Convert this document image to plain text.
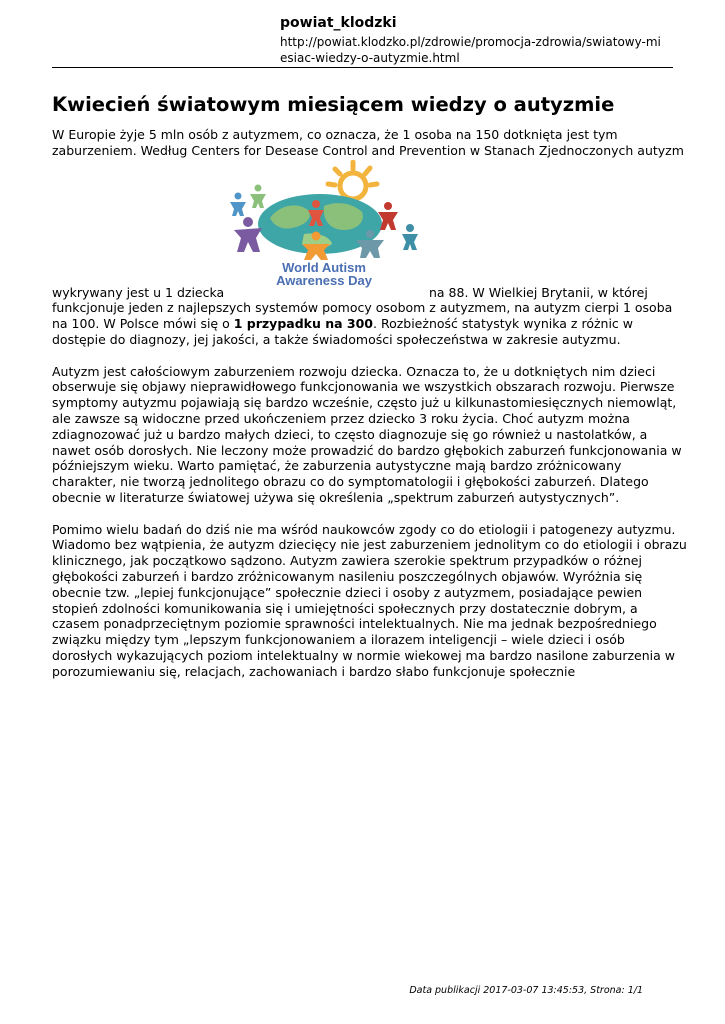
powiat_klodzki
http://powiat.klodzko.pl/zdrowie/promocja-zdrowia/swiatowy-mi
esiac-wiedzy-o-autyzmie.html
Kwiecień światowym miesiącem wiedzy o autyzmie

W Europie żyje 5 mln osób z autyzmem, co oznacza, że 1 osoba na 150 dotknięta jest tym
zaburzeniem. Według Centers for Desease Control and Prevention w Stanach Zjednoczonych autyzm
wykrywany jest u 1 dziecka	na 88. W Wielkiej Brytanii, w której
funkcjonuje jeden z najlepszych systemów pomocy osobom z autyzmem, na autyzm cierpi 1 osoba
na 100. W Polsce mówi się o 1 przypadku na 300. Rozbieżność statystyk wynika z różnic w
dostępie do diagnozy, jej jakości, a także świadomości społeczeństwa w zakresie autyzmu.

Autyzm jest całościowym zaburzeniem rozwoju dziecka. Oznacza to, że u dotkniętych nim dzieci
obserwuje się objawy nieprawidłowego funkcjonowania we wszystkich obszarach rozwoju. Pierwsze
symptomy autyzmu pojawiają się bardzo wcześnie, często już u kilkunastomiesięcznych niemowląt,
ale zawsze są widoczne przed ukończeniem przez dziecko 3 roku życia. Choć autyzm można
zdiagnozować już u bardzo małych dzieci, to często diagnozuje się go również u nastolatków, a
nawet osób dorosłych. Nie leczony może prowadzić do bardzo głębokich zaburzeń funkcjonowania w
późniejszym wieku. Warto pamiętać, że zaburzenia autystyczne mają bardzo zróżnicowany
charakter, nie tworzą jednolitego obrazu co do symptomatologii i głębokości zaburzeń. Dlatego
obecnie w literaturze światowej używa się określenia „spektrum zaburzeń autystycznych”.

Pomimo wielu badań do dziś nie ma wśród naukowców zgody co do etiologii i patogenezy autyzmu.
Wiadomo bez wątpienia, że autyzm dziecięcy nie jest zaburzeniem jednolitym co do etiologii i obrazu
klinicznego, jak początkowo sądzono. Autyzm zawiera szerokie spektrum przypadków o różnej
głębokości zaburzeń i bardzo zróżnicowanym nasileniu poszczególnych objawów. Wyróżnia się
obecnie tzw. „lepiej funkcjonujące” społecznie dzieci i osoby z autyzmem, posiadające pewien
stopień zdolności komunikowania się i umiejętności społecznych przy dostatecznie dobrym, a
czasem ponadprzeciętnym poziomie sprawności intelektualnych. Nie ma jednak bezpośredniego
związku między tym „lepszym funkcjonowaniem a ilorazem inteligencji – wiele dzieci i osób
dorosłych wykazujących poziom intelektualny w normie wiekowej ma bardzo nasilone zaburzenia w
porozumiewaniu się, relacjach, zachowaniach i bardzo słabo funkcjonuje społecznie

World Autism
Awareness Day
Data publikacji 2017-03-07 13:45:53, Strona: 1/1
